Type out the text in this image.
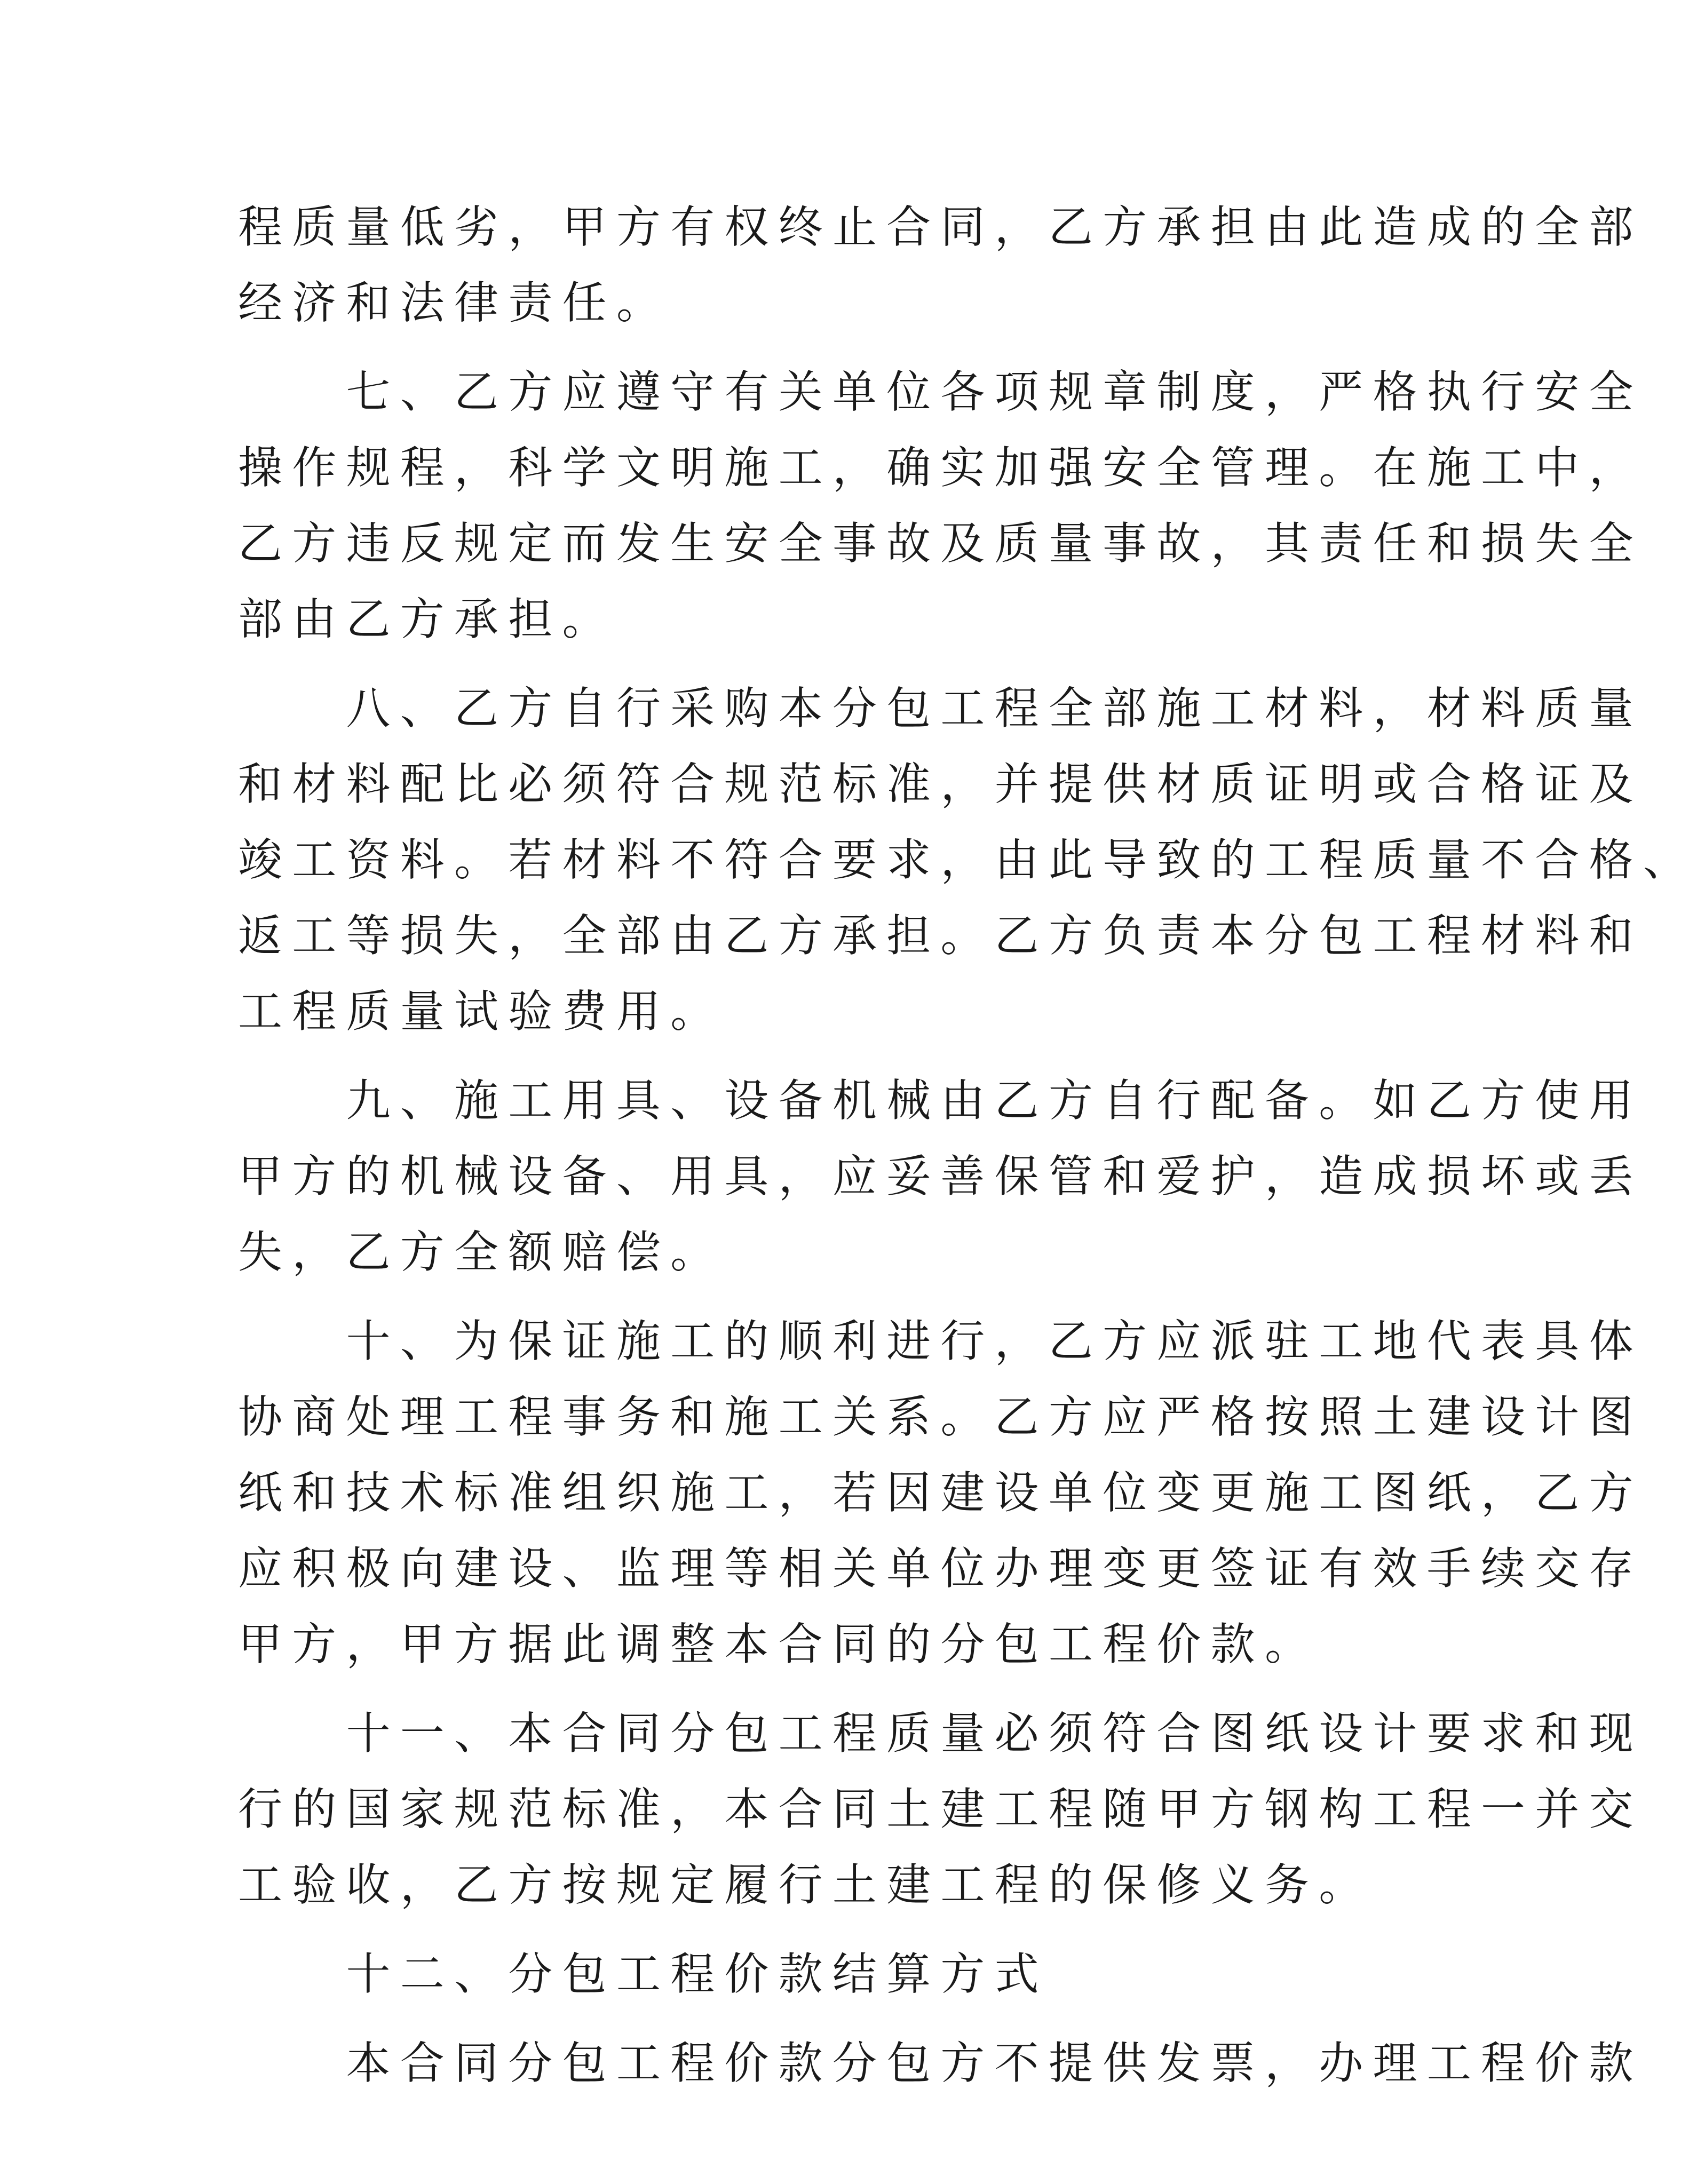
程质量低劣，甲方有权终止合同，乙方承担由此造成的全部
经济和法律责任。
　　七、乙方应遵守有关单位各项规章制度，严格执行安全
操作规程，科学文明施工，确实加强安全管理。在施工中，
乙方违反规定而发生安全事故及质量事故，其责任和损失全
部由乙方承担。
　　八、乙方自行采购本分包工程全部施工材料，材料质量
和材料配比必须符合规范标准，并提供材质证明或合格证及
竣工资料。若材料不符合要求，由此导致的工程质量不合格、
返工等损失，全部由乙方承担。乙方负责本分包工程材料和
工程质量试验费用。
　　九、施工用具、设备机械由乙方自行配备。如乙方使用
甲方的机械设备、用具，应妥善保管和爱护，造成损坏或丢
失，乙方全额赔偿。
　　十、为保证施工的顺利进行，乙方应派驻工地代表具体
协商处理工程事务和施工关系。乙方应严格按照土建设计图
纸和技术标准组织施工，若因建设单位变更施工图纸，乙方
应积极向建设、监理等相关单位办理变更签证有效手续交存
甲方，甲方据此调整本合同的分包工程价款。
　　十一、本合同分包工程质量必须符合图纸设计要求和现
行的国家规范标准，本合同土建工程随甲方钢构工程一并交
工验收，乙方按规定履行土建工程的保修义务。
　　十二、分包工程价款结算方式
　　本合同分包工程价款分包方不提供发票，办理工程价款
